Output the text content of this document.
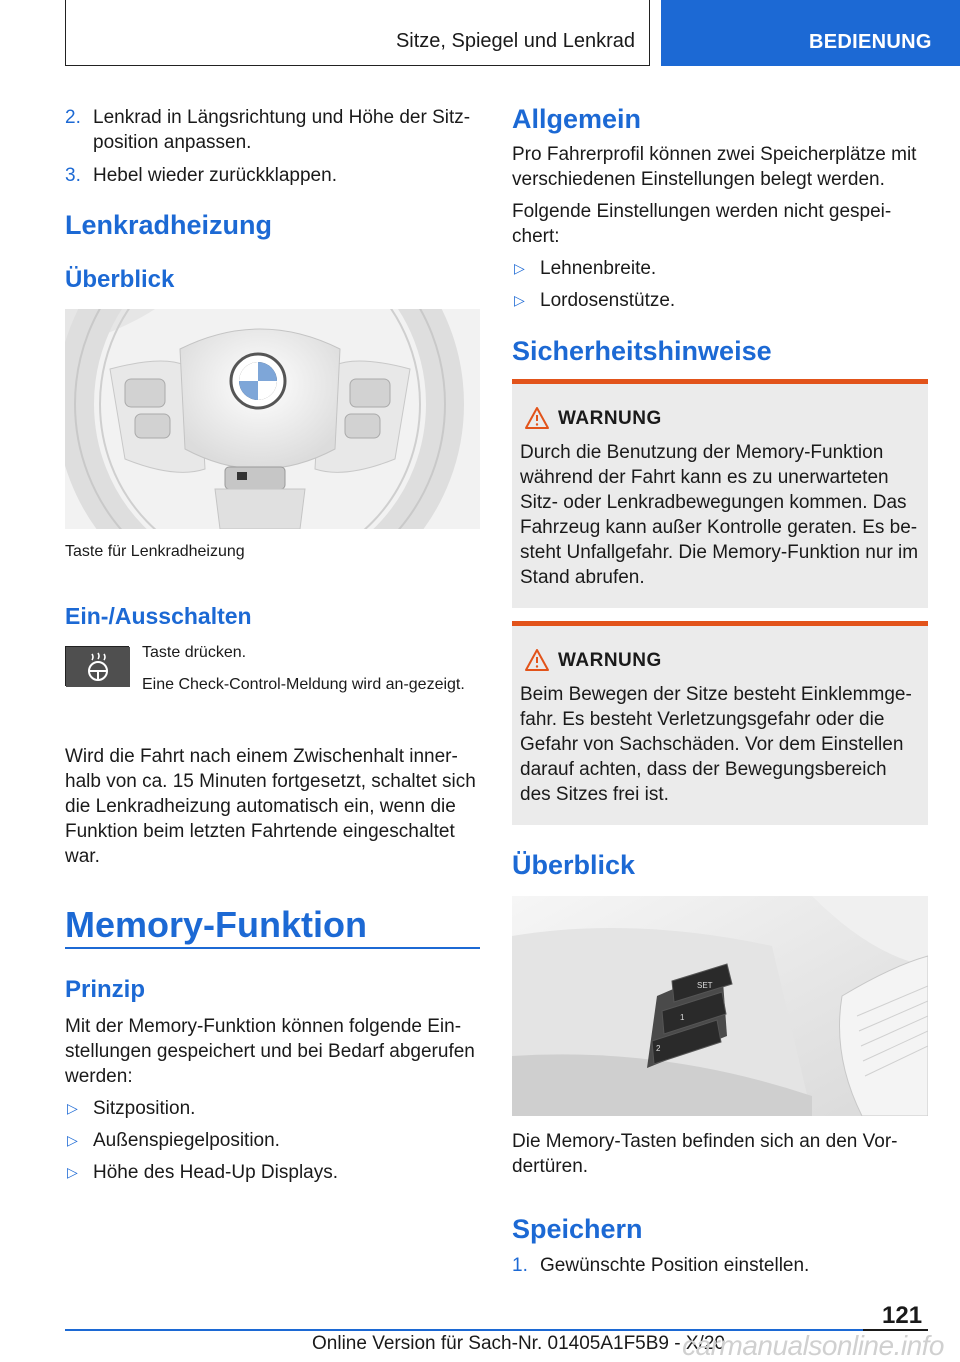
Sitze, Spiegel und Lenkrad	BEDIENUNG
2. Lenkrad in Längsrichtung und Höhe der Sitz-position anpassen.
3. Hebel wieder zurückklappen.
Lenkradheizung
Überblick
Taste für Lenkradheizung
Ein-/Ausschalten
Taste drücken.
Eine Check-Control-Meldung wird an-gezeigt.

Wird die Fahrt nach einem Zwischenhalt inner-halb von ca. 15 Minuten fortgesetzt, schaltet sich die Lenkradheizung automatisch ein, wenn die Funktion beim letzten Fahrtende eingeschaltet war.

Memory-Funktion
Prinzip

Mit der Memory-Funktion können folgende Ein-stellungen gespeichert und bei Bedarf abgerufen werden:

▷ Sitzposition.
▷ Außenspiegelposition.
▷ Höhe des Head-Up Displays.
Allgemein

Pro Fahrerprofil können zwei Speicherplätze mit verschiedenen Einstellungen belegt werden.

Folgende Einstellungen werden nicht gespei-chert:

▷ Lehnenbreite.
▷ Lordosenstütze.
Sicherheitshinweise
WARNUNG
Durch die Benutzung der Memory-Funktion während der Fahrt kann es zu unerwarteten Sitz- oder Lenkradbewegungen kommen. Das Fahrzeug kann außer Kontrolle geraten. Es be-steht Unfallgefahr. Die Memory-Funktion nur im Stand abrufen.
WARNUNG
Beim Bewegen der Sitze besteht Einklemmge-fahr. Es besteht Verletzungsgefahr oder die Gefahr von Sachschäden. Vor dem Einstellen darauf achten, dass der Bewegungsbereich des Sitzes frei ist.
Überblick
SET
1
2

Die Memory-Tasten befinden sich an den Vor-dertüren.

Speichern
1. Gewünschte Position einstellen.
121
Online Version für Sach-Nr. 01405A1F5B9 - X/20
carmanualsonline.info
